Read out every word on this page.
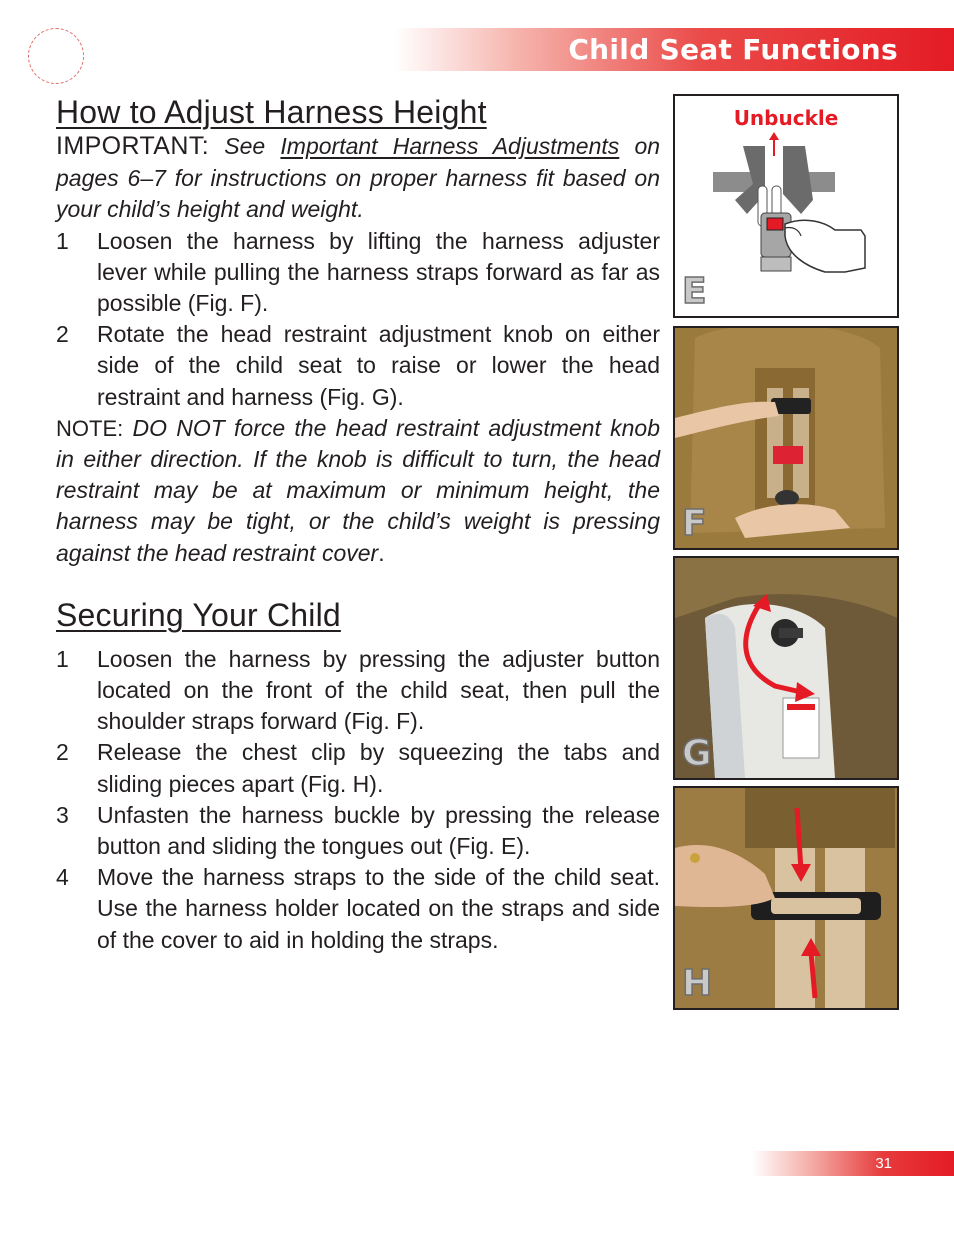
Child Seat Functions
How to Adjust Harness Height

IMPORTANT: See Important Harness Adjustments on pages 6–7 for instructions on proper harness fit based on your child’s height and weight.

1 Loosen the harness by lifting the harness adjuster lever while pulling the harness straps forward as far as possible (Fig. F).
2 Rotate the head restraint adjustment knob on either side of the child seat to raise or lower the head restraint and harness (Fig. G).

NOTE: DO NOT force the head restraint adjustment knob in either direction. If the knob is difficult to turn, the head restraint may be at maximum or minimum height, the harness may be tight, or the child’s weight is pressing against the head restraint cover.

Securing Your Child
1 Loosen the harness by pressing the adjuster button located on the front of the child seat, then pull the shoulder straps forward (Fig. F).
2 Release the chest clip by squeezing the tabs and sliding pieces apart (Fig. H).
3 Unfasten the harness buckle by pressing the release button and sliding the tongues out (Fig. E).
4 Move the harness straps to the side of the child seat. Use the harness holder located on the straps and side of the cover to aid in holding the straps.
Unbuckle
E
F
G
H
31
